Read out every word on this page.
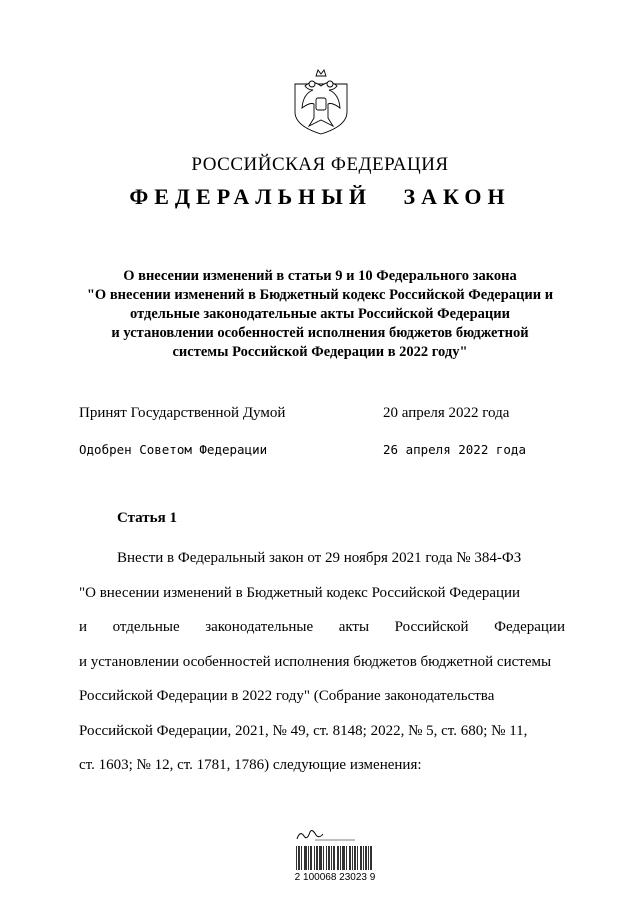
РОССИЙСКАЯ ФЕДЕРАЦИЯ
ФЕДЕРАЛЬНЫЙ ЗАКОН
О внесении изменений в статьи 9 и 10 Федерального закона
"О внесении изменений в Бюджетный кодекс Российской Федерации и
отдельные законодательные акты Российской Федерации
и установлении особенностей исполнения бюджетов бюджетной
системы Российской Федерации в 2022 году"
Принят Государственной Думой	20 апреля 2022 года
Одобрен Советом Федерации	26 апреля 2022 года
Статья 1
Внести в Федеральный закон от 29 ноября 2021 года № 384-ФЗ
"О внесении изменений в Бюджетный кодекс Российской Федерации
и отдельные законодательные акты Российской Федерации
и установлении особенностей исполнения бюджетов бюджетной системы
Российской Федерации в 2022 году" (Собрание законодательства
Российской Федерации, 2021, № 49, ст. 8148; 2022, № 5, ст. 680; № 11,
ст. 1603; № 12, ст. 1781, 1786) следующие изменения:
2 100068 23023 9
